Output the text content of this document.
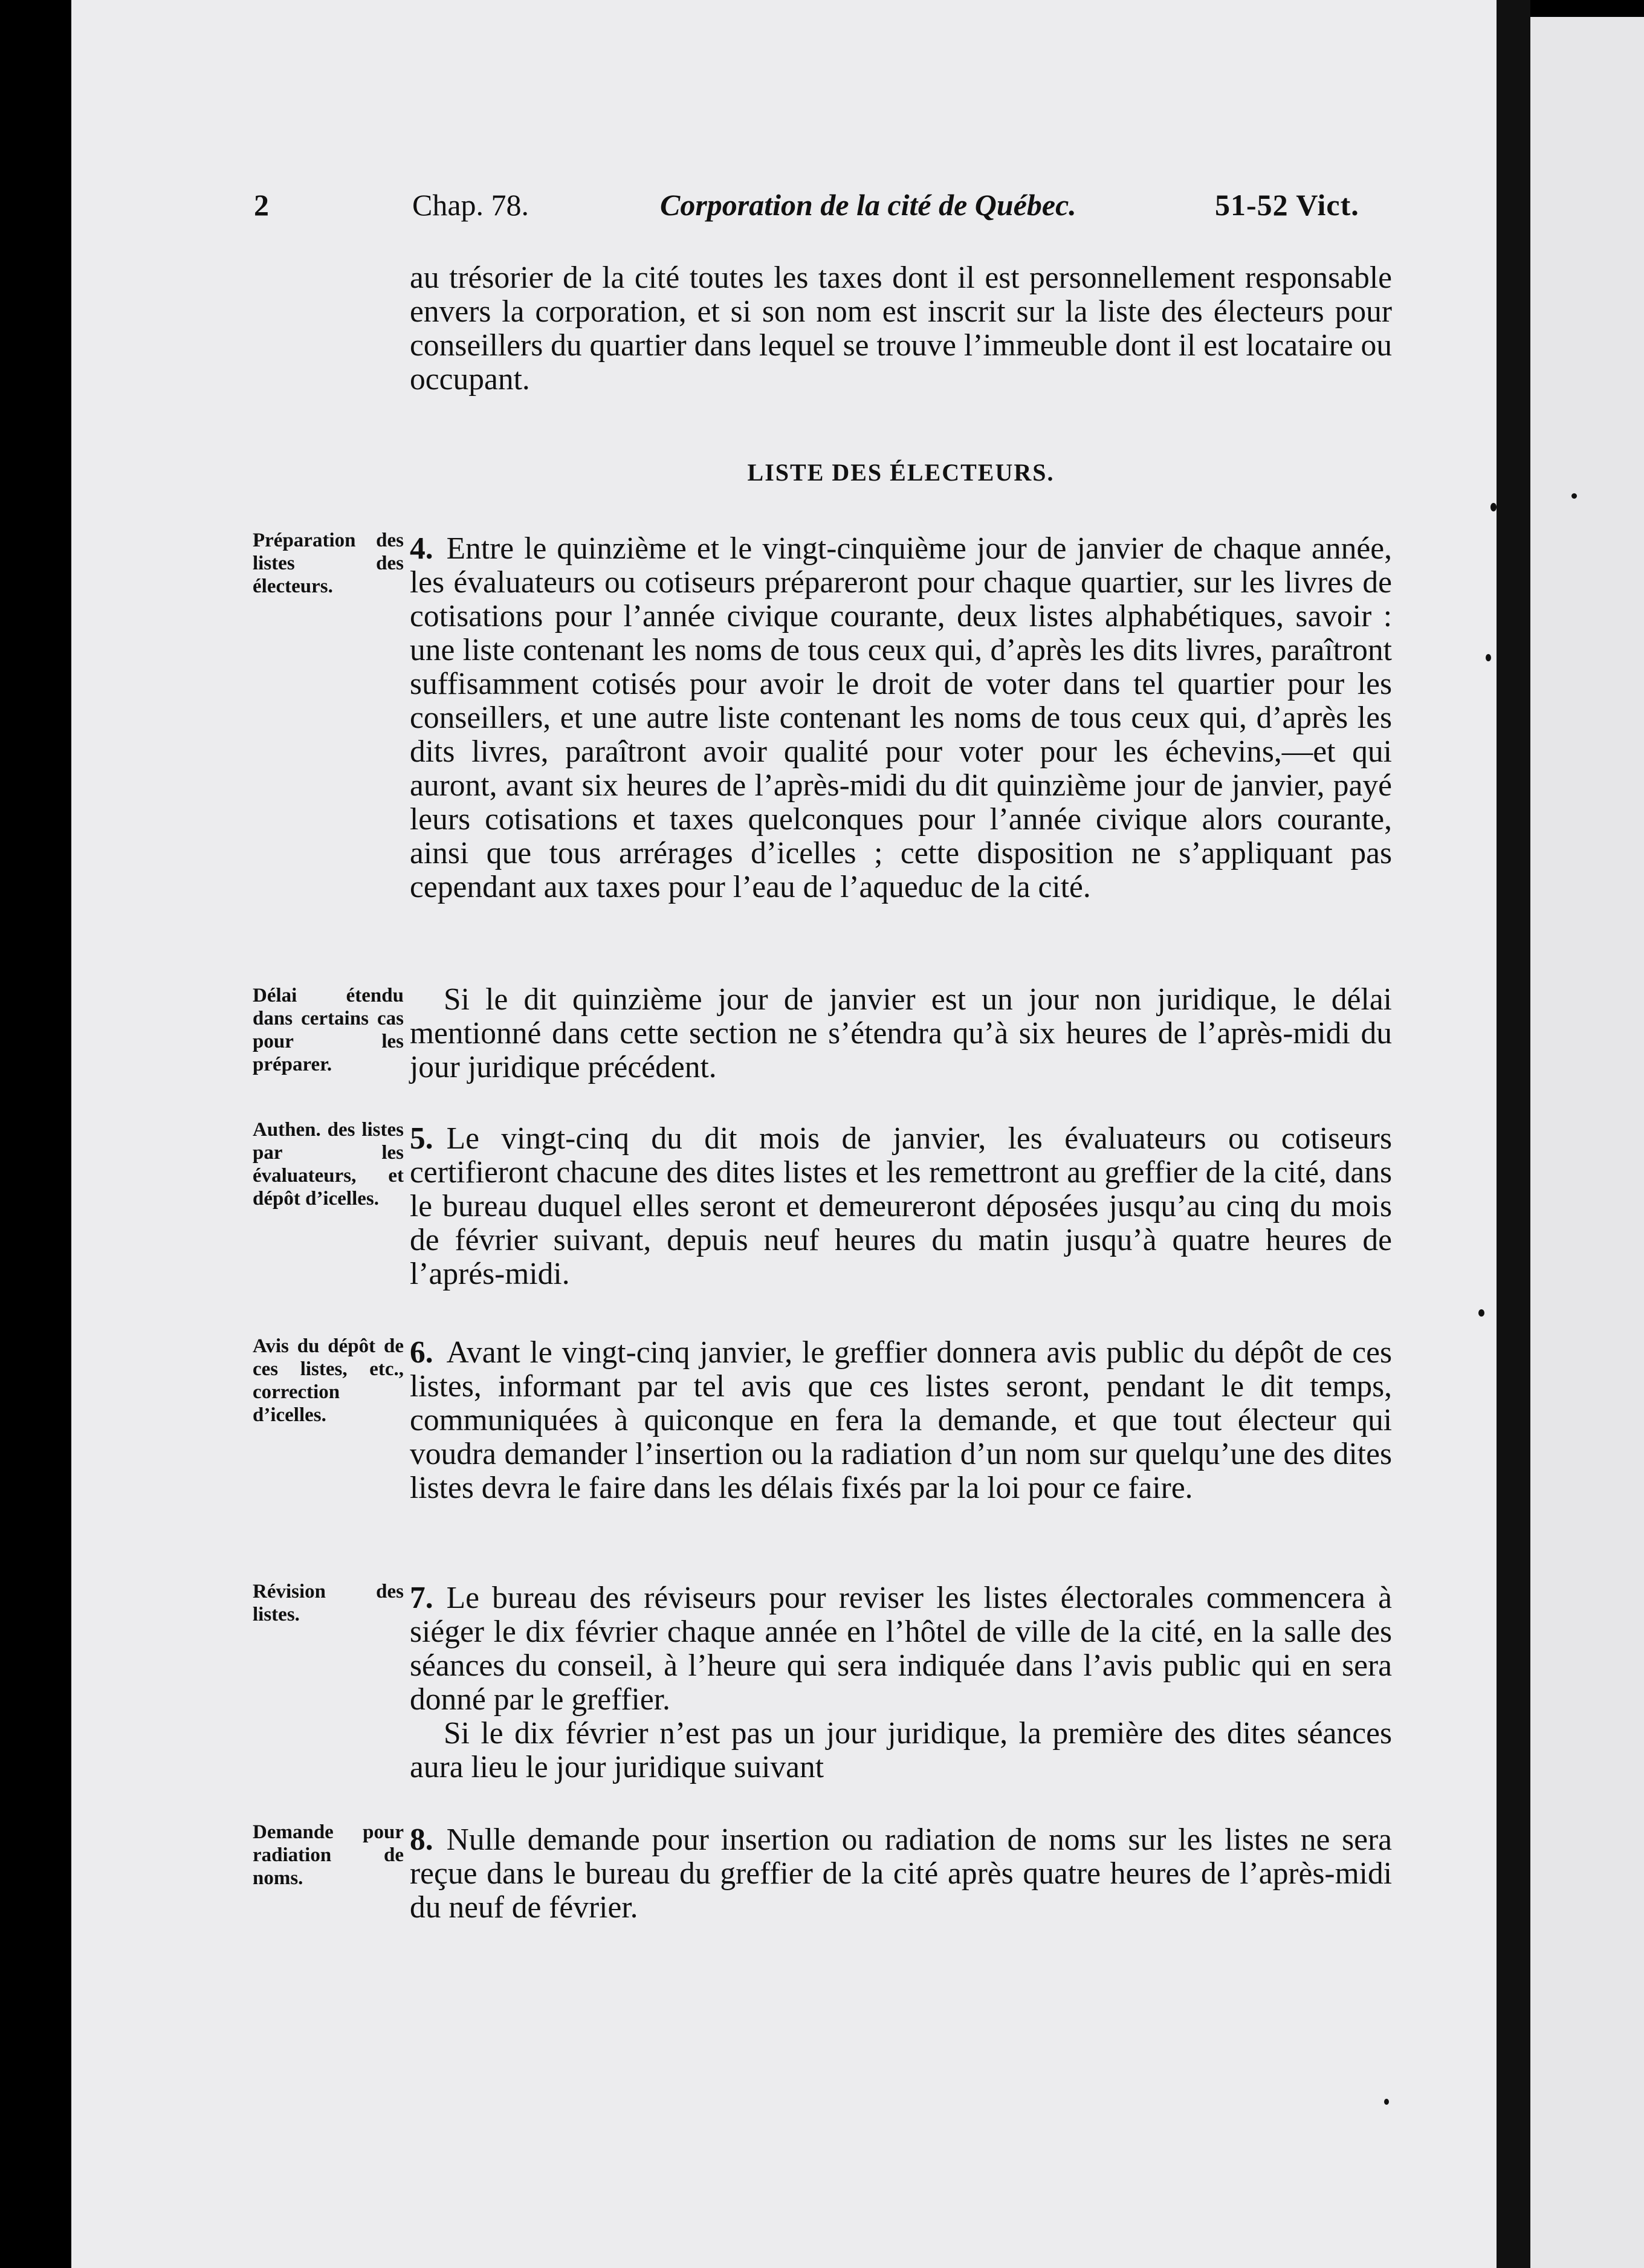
2	Chap. 78.	Corporation de la cité de Québec.	51-52 Vict.

au trésorier de la cité toutes les taxes dont il est personnellement responsable envers la corporation, et si son nom est inscrit sur la liste des électeurs pour conseillers du quartier dans lequel se trouve l’immeuble dont il est locataire ou occupant.

LISTE DES ÉLECTEURS.
Préparation des listes des électeurs.

4. Entre le quinzième et le vingt-cinquième jour de janvier de chaque année, les évaluateurs ou cotiseurs prépareront pour chaque quartier, sur les livres de cotisations pour l’année civique courante, deux listes alphabétiques, savoir : une liste contenant les noms de tous ceux qui, d’après les dits livres, paraîtront suffisamment cotisés pour avoir le droit de voter dans tel quartier pour les conseillers, et une autre liste contenant les noms de tous ceux qui, d’après les dits livres, paraîtront avoir qualité pour voter pour les échevins,—et qui auront, avant six heures de l’après-midi du dit quinzième jour de janvier, payé leurs cotisations et taxes quelconques pour l’année civique alors courante, ainsi que tous arrérages d’icelles ; cette disposition ne s’appliquant pas cependant aux taxes pour l’eau de l’aqueduc de la cité.

Délai étendu dans certains cas pour les préparer.

Si le dit quinzième jour de janvier est un jour non juridique, le délai mentionné dans cette section ne s’étendra qu’à six heures de l’après-midi du jour juridique précédent.

Authen. des listes par les évaluateurs, et dépôt d’icelles.

5. Le vingt-cinq du dit mois de janvier, les évaluateurs ou cotiseurs certifieront chacune des dites listes et les remettront au greffier de la cité, dans le bureau duquel elles seront et demeureront déposées jusqu’au cinq du mois de février suivant, depuis neuf heures du matin jusqu’à quatre heures de l’aprés-midi.

Avis du dépôt de ces listes, etc., correction d’icelles.

6. Avant le vingt-cinq janvier, le greffier donnera avis public du dépôt de ces listes, informant par tel avis que ces listes seront, pendant le dit temps, communiquées à quiconque en fera la demande, et que tout électeur qui voudra demander l’insertion ou la radiation d’un nom sur quelqu’une des dites listes devra le faire dans les délais fixés par la loi pour ce faire.

Révision des listes.	7. Le bureau des réviseurs pour reviser les listes électorales commencera à siéger le dix février chaque année en l’hôtel de ville de la cité, en la salle des séances du conseil, à l’heure qui sera indiquée dans l’avis public qui en sera donné par le greffier.

Si le dix février n’est pas un jour juridique, la première des dites séances aura lieu le jour juridique suivant

Demande pour radiation de noms.

8. Nulle demande pour insertion ou radiation de noms sur les listes ne sera reçue dans le bureau du greffier de la cité après quatre heures de l’après-midi du neuf de février.
